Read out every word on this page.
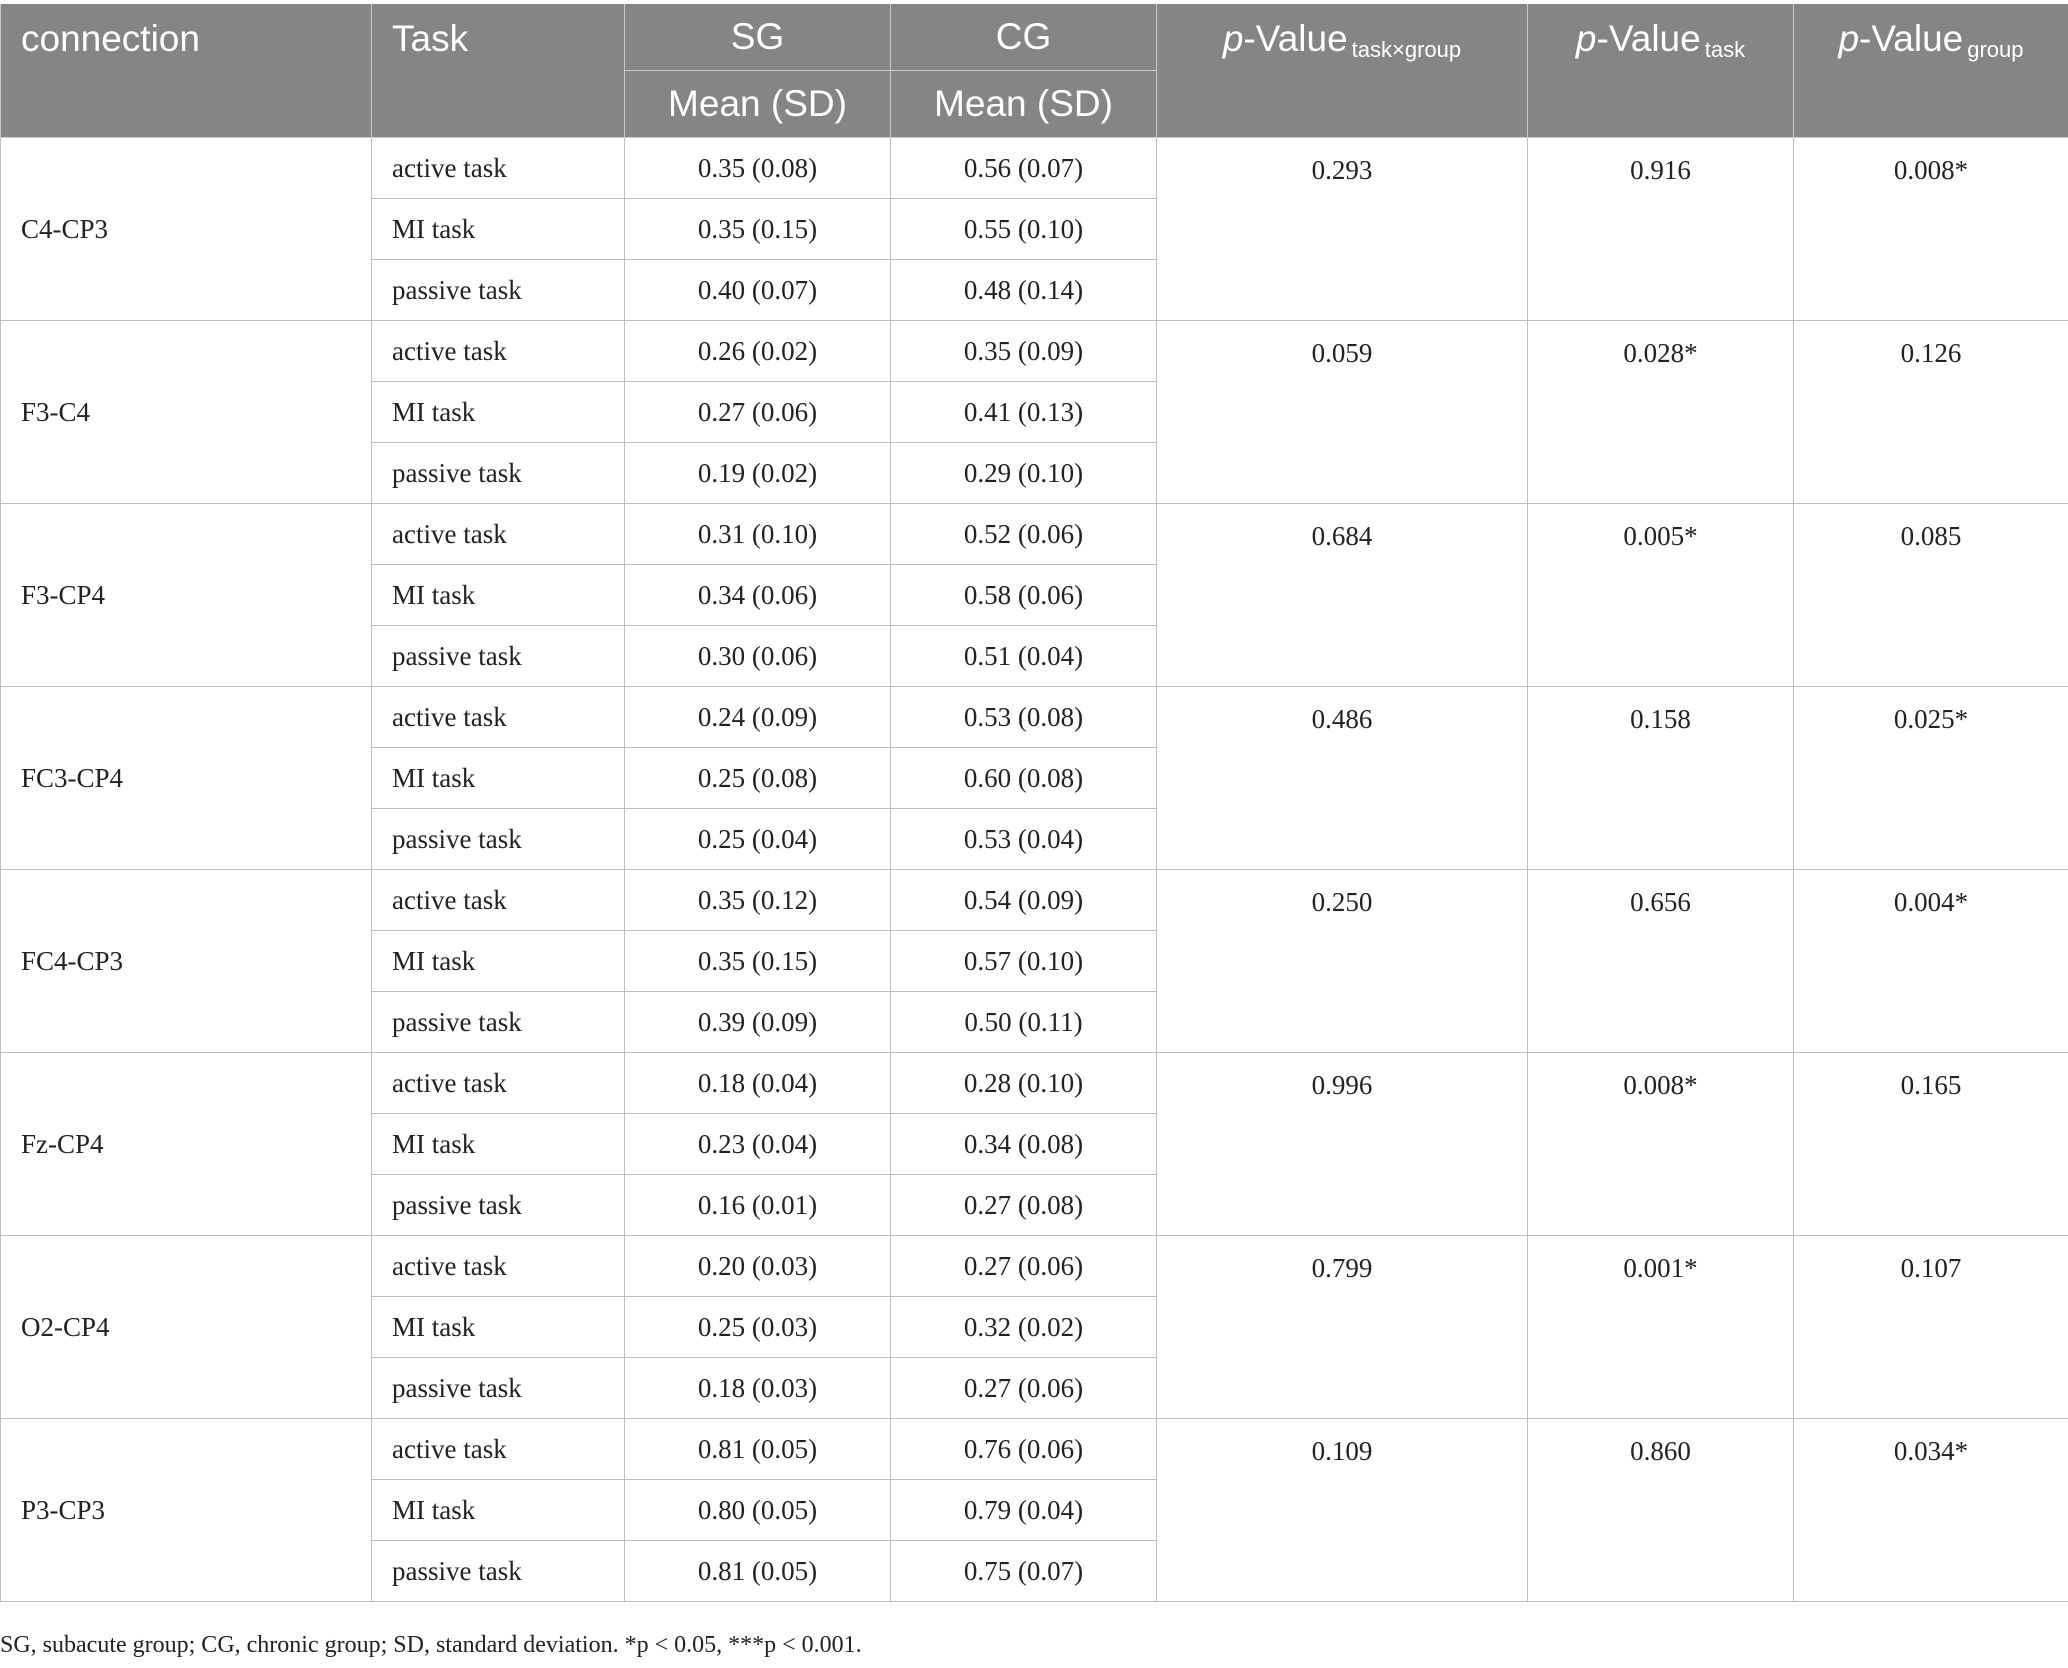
connection	Task	SG	CG	p-Value $_{task\times group}$	p-Value $_{task}$	p-Value $_{group}$
		Mean (SD)	Mean (SD)			
C4-CP3	active task	0.35 (0.08)	0.56 (0.07)	0.293	0.916	0.008*
	MI task	0.35 (0.15)	0.55 (0.10)			
	passive task	0.40 (0.07)	0.48 (0.14)			
F3-C4	active task	0.26 (0.02)	0.35 (0.09)	0.059	0.028*	0.126
	MI task	0.27 (0.06)	0.41 (0.13)			
	passive task	0.19 (0.02)	0.29 (0.10)			
F3-CP4	active task	0.31 (0.10)	0.52 (0.06)	0.684	0.005*	0.085
	MI task	0.34 (0.06)	0.58 (0.06)			
	passive task	0.30 (0.06)	0.51 (0.04)			
FC3-CP4	active task	0.24 (0.09)	0.53 (0.08)	0.486	0.158	0.025*
	MI task	0.25 (0.08)	0.60 (0.08)			
	passive task	0.25 (0.04)	0.53 (0.04)			
FC4-CP3	active task	0.35 (0.12)	0.54 (0.09)	0.250	0.656	0.004*
	MI task	0.35 (0.15)	0.57 (0.10)			
	passive task	0.39 (0.09)	0.50 (0.11)			
Fz-CP4	active task	0.18 (0.04)	0.28 (0.10)	0.996	0.008*	0.165
	MI task	0.23 (0.04)	0.34 (0.08)			
	passive task	0.16 (0.01)	0.27 (0.08)			
O2-CP4	active task	0.20 (0.03)	0.27 (0.06)	0.799	0.001*	0.107
	MI task	0.25 (0.03)	0.32 (0.02)			
	passive task	0.18 (0.03)	0.27 (0.06)			
P3-CP3	active task	0.81 (0.05)	0.76 (0.06)	0.109	0.860	0.034*
	MI task	0.80 (0.05)	0.79 (0.04)			
	passive task	0.81 (0.05)	0.75 (0.07)			
SG, subacute group; CG, chronic group; SD, standard deviation. *p < 0.05, ***p < 0.001.
